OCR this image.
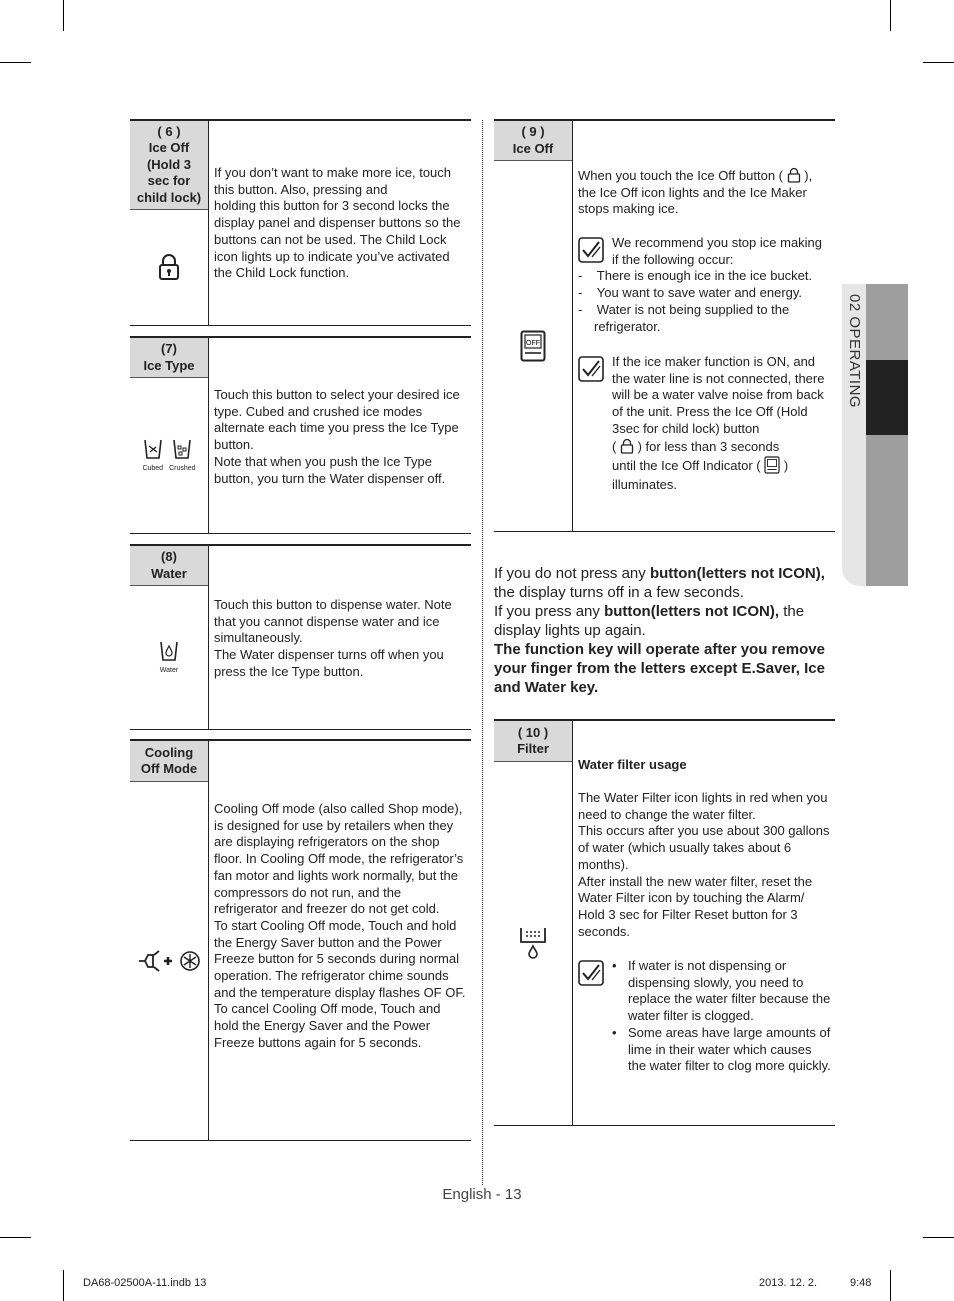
( 6 )
Ice Off
(Hold 3
sec for
child lock)
If you don’t want to make more ice, touch this button. Also, pressing and
holding this button for 3 second locks the display panel and dispenser buttons so the buttons can not be used. The Child Lock icon lights up to indicate you’ve activated the Child Lock function.
(7)
Ice Type
Cubed Crushed
Touch this button to select your desired ice type. Cubed and crushed ice modes alternate each time you press the Ice Type button.
Note that when you push the Ice Type button, you turn the Water dispenser off.
(8)
Water
Water
Touch this button to dispense water. Note that you cannot dispense water and ice simultaneously.
The Water dispenser turns off when you press the Ice Type button.
Cooling
Off Mode
Cooling Off mode (also called Shop mode), is designed for use by retailers when they are displaying refrigerators on the shop floor. In Cooling Off mode, the refrigerator’s fan motor and lights work normally, but the compressors do not run, and the refrigerator and freezer do not get cold.
To start Cooling Off mode, Touch and hold the Energy Saver button and the Power Freeze button for 5 seconds during normal operation. The refrigerator chime sounds and the temperature display flashes OF OF.
To cancel Cooling Off mode, Touch and hold the Energy Saver and the Power Freeze buttons again for 5 seconds.
( 9 )
Ice Off
OFF
When you touch the Ice Off button ( ), the Ice Off icon lights and the Ice Maker stops making ice.
We recommend you stop ice making if the following occur:
-    There is enough ice in the ice bucket.
-    You want to save water and energy.
-    Water is not being supplied to the refrigerator.
If the ice maker function is ON, and the water line is not connected, there will be a water valve noise from back of the unit. Press the Ice Off (Hold 3sec for child lock) button
( ) for less than 3 seconds
until the Ice Off Indicator ( )
illuminates.
If you do not press any button(letters not ICON),
the display turns off in a few seconds.
If you press any button(letters not ICON), the
display lights up again.
The function key will operate after you remove your finger from the letters except E.Saver, Ice and Water key.
( 10 )
Filter
Water filter usage
The Water Filter icon lights in red when you need to change the water filter.
This occurs after you use about 300 gallons of water (which usually takes about 6 months).
After install the new water filter, reset the Water Filter icon by touching the Alarm/ Hold 3 sec for Filter Reset button for 3 seconds.
• If water is not dispensing or dispensing slowly, you need to replace the water filter because the water filter is clogged.
• Some areas have large amounts of lime in their water which causes the water filter to clog more quickly.
02 OPERATING
English - 13
DA68-02500A-11.indb 13	2013. 12. 2.	9:48
